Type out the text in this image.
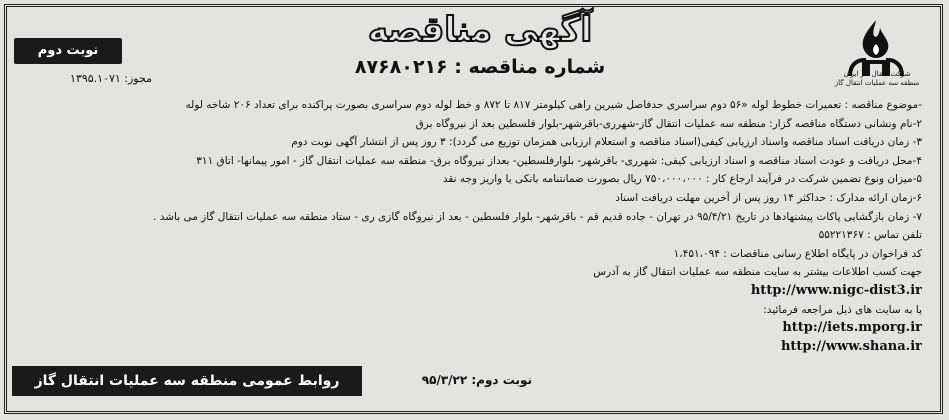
آگهی مناقصه
شماره مناقصه : ۸۷۶۸۰۲۱۶	شرکت انتقال گاز ایران
منطقه سه عملیات انتقال گاز
نوبت دوم
مجوز: ۱۳۹۵.۱۰۷۱
-موضوع مناقصه : تعمیرات خطوط لوله «۵۶ دوم سراسری حدفاصل شیرین راهی کیلومتر ۸۱۷ تا ۸۷۲ و خط لوله دوم سراسری بصورت پراکنده برای تعداد ۲۰۶ شاخه لوله
۲-نام ونشانی دستگاه مناقصه گزار: منطقه سه عملیات انتقال گاز-شهرری-باقرشهر-بلوار فلسطین بعد از نیروگاه برق
۳- زمان دریافت اسناد مناقصه واسناد ارزیابی کیفی(اسناد مناقصه و استعلام ارزیابی همزمان توزیع می گردد): ۳ روز پس از انتشار آگهی نوبت دوم
۴-محل دریافت و عودت اسناد مناقصه و اسناد ارزیابی کیفی: شهرری- باقرشهر- بلوارفلسطین- بعداز نیروگاه برق- منطقه سه عملیات انتقال گاز - امور پیمانها- اتاق ۳۱۱
۵-میزان ونوع تضمین شرکت در فرآیند ارجاع کار : ۷۵۰،۰۰۰،۰۰۰ ریال بصورت ضمانتنامه بانکی یا واریز وجه نقد
۶-زمان ارائه مدارک : حداکثر ۱۴ روز پس از آخرین مهلت دریافت اسناد
۷- زمان بازگشایی پاکات پیشنهادها در تاریخ ۹۵/۴/۲۱ در تهران - جاده قدیم قم - باقرشهر- بلوار فلسطین - بعد از نیروگاه گازی ری - ستاد منطقه سه عملیات انتقال گاز می باشد .
تلفن تماس : ۵۵۲۲۱۳۶۷
کد فراخوان در پایگاه اطلاع رسانی مناقصات : ۱،۴۵۱،۰۹۴
جهت کسب اطلاعات بیشتر به سایت منطقه سه عملیات انتقال گاز به آدرس
http://www.nigc-dist3.ir
یا به سایت های ذیل مراجعه فرمائید:
http://iets.mporg.ir
http://www.shana.ir
روابط عمومی منطقه سه عملیات انتقال گاز	نوبت دوم: ۹۵/۳/۲۲
